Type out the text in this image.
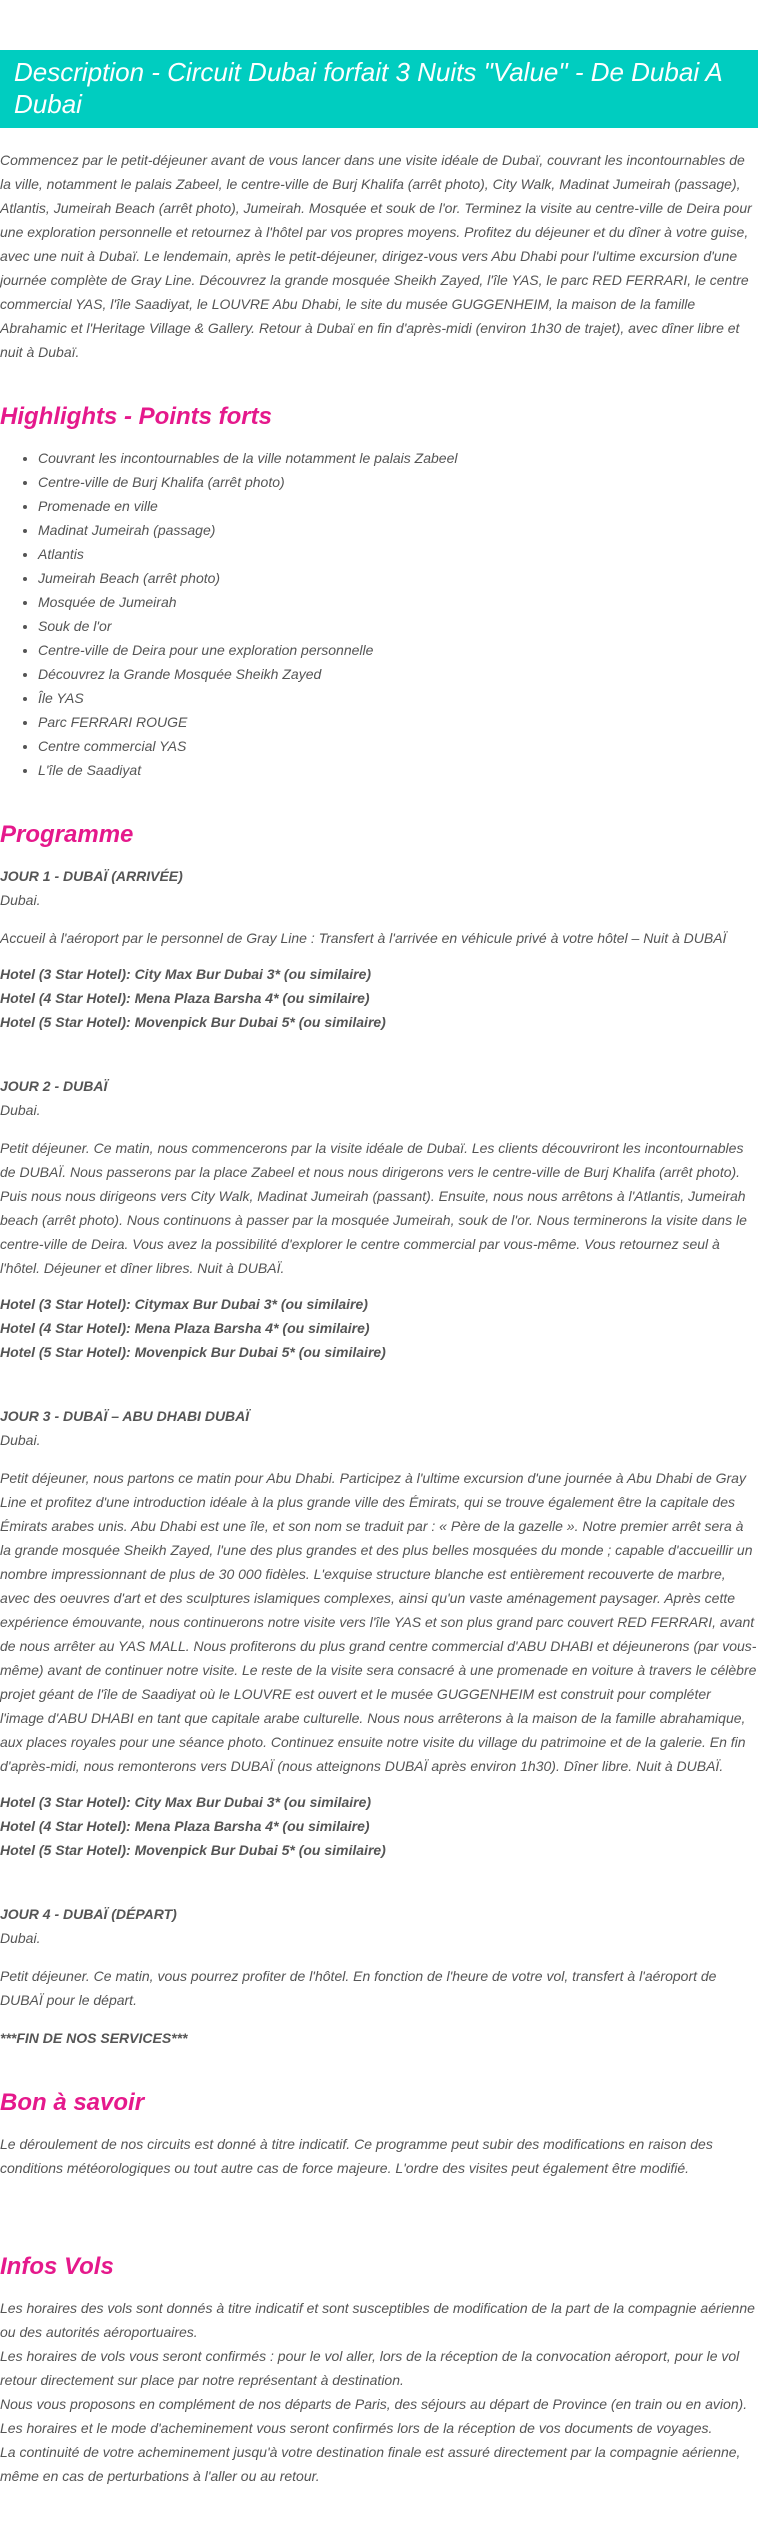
Description - Circuit Dubai forfait 3 Nuits "Value" - De Dubai A Dubai

Commencez par le petit-déjeuner avant de vous lancer dans une visite idéale de Dubaï, couvrant les incontournables de la ville, notamment le palais Zabeel, le centre-ville de Burj Khalifa (arrêt photo), City Walk, Madinat Jumeirah (passage), Atlantis, Jumeirah Beach (arrêt photo), Jumeirah. Mosquée et souk de l'or. Terminez la visite au centre-ville de Deira pour une exploration personnelle et retournez à l'hôtel par vos propres moyens. Profitez du déjeuner et du dîner à votre guise, avec une nuit à Dubaï. Le lendemain, après le petit-déjeuner, dirigez-vous vers Abu Dhabi pour l'ultime excursion d'une journée complète de Gray Line. Découvrez la grande mosquée Sheikh Zayed, l'île YAS, le parc RED FERRARI, le centre commercial YAS, l'île Saadiyat, le LOUVRE Abu Dhabi, le site du musée GUGGENHEIM, la maison de la famille Abrahamic et l'Heritage Village & Gallery. Retour à Dubaï en fin d'après-midi (environ 1h30 de trajet), avec dîner libre et nuit à Dubaï.

Highlights - Points forts
• Couvrant les incontournables de la ville notamment le palais Zabeel
• Centre-ville de Burj Khalifa (arrêt photo)
• Promenade en ville
• Madinat Jumeirah (passage)
• Atlantis
• Jumeirah Beach (arrêt photo)
• Mosquée de Jumeirah
• Souk de l'or
• Centre-ville de Deira pour une exploration personnelle
• Découvrez la Grande Mosquée Sheikh Zayed
• Île YAS
• Parc FERRARI ROUGE
• Centre commercial YAS
• L'île de Saadiyat
Programme

JOUR 1 - DUBAÏ (ARRIVÉE)

Dubai.

Accueil à l'aéroport par le personnel de Gray Line : Transfert à l'arrivée en véhicule privé à votre hôtel – Nuit à DUBAÏ

Hotel (3 Star Hotel): City Max Bur Dubai 3* (ou similaire)

Hotel (4 Star Hotel): Mena Plaza Barsha 4* (ou similaire)

Hotel (5 Star Hotel): Movenpick Bur Dubai 5* (ou similaire)

JOUR 2 - DUBAÏ

Dubai.

Petit déjeuner. Ce matin, nous commencerons par la visite idéale de Dubaï. Les clients découvriront les incontournables de DUBAÏ. Nous passerons par la place Zabeel et nous nous dirigerons vers le centre-ville de Burj Khalifa (arrêt photo). Puis nous nous dirigeons vers City Walk, Madinat Jumeirah (passant). Ensuite, nous nous arrêtons à l'Atlantis, Jumeirah beach (arrêt photo). Nous continuons à passer par la mosquée Jumeirah, souk de l'or. Nous terminerons la visite dans le centre-ville de Deira. Vous avez la possibilité d'explorer le centre commercial par vous-même. Vous retournez seul à l'hôtel. Déjeuner et dîner libres. Nuit à DUBAÏ.

Hotel (3 Star Hotel): Citymax Bur Dubai 3* (ou similaire)

Hotel (4 Star Hotel): Mena Plaza Barsha 4* (ou similaire)

Hotel (5 Star Hotel): Movenpick Bur Dubai 5* (ou similaire)

JOUR 3 - DUBAÏ – ABU DHABI DUBAÏ

Dubai.

Petit déjeuner, nous partons ce matin pour Abu Dhabi. Participez à l'ultime excursion d'une journée à Abu Dhabi de Gray Line et profitez d'une introduction idéale à la plus grande ville des Émirats, qui se trouve également être la capitale des Émirats arabes unis. Abu Dhabi est une île, et son nom se traduit par : « Père de la gazelle ». Notre premier arrêt sera à la grande mosquée Sheikh Zayed, l'une des plus grandes et des plus belles mosquées du monde ; capable d'accueillir un nombre impressionnant de plus de 30 000 fidèles. L'exquise structure blanche est entièrement recouverte de marbre, avec des oeuvres d'art et des sculptures islamiques complexes, ainsi qu'un vaste aménagement paysager. Après cette expérience émouvante, nous continuerons notre visite vers l'île YAS et son plus grand parc couvert RED FERRARI, avant de nous arrêter au YAS MALL. Nous profiterons du plus grand centre commercial d'ABU DHABI et déjeunerons (par vous-même) avant de continuer notre visite. Le reste de la visite sera consacré à une promenade en voiture à travers le célèbre projet géant de l'île de Saadiyat où le LOUVRE est ouvert et le musée GUGGENHEIM est construit pour compléter l'image d'ABU DHABI en tant que capitale arabe culturelle. Nous nous arrêterons à la maison de la famille abrahamique, aux places royales pour une séance photo. Continuez ensuite notre visite du village du patrimoine et de la galerie. En fin d'après-midi, nous remonterons vers DUBAÏ (nous atteignons DUBAÏ après environ 1h30). Dîner libre. Nuit à DUBAÏ.

Hotel (3 Star Hotel): City Max Bur Dubai 3* (ou similaire)

Hotel (4 Star Hotel): Mena Plaza Barsha 4* (ou similaire)

Hotel (5 Star Hotel): Movenpick Bur Dubai 5* (ou similaire)

JOUR 4 - DUBAÏ (DÉPART)

Dubai.

Petit déjeuner. Ce matin, vous pourrez profiter de l'hôtel. En fonction de l'heure de votre vol, transfert à l'aéroport de DUBAÏ pour le départ.

***FIN DE NOS SERVICES***

Bon à savoir

Le déroulement de nos circuits est donné à titre indicatif. Ce programme peut subir des modifications en raison des conditions météorologiques ou tout autre cas de force majeure. L'ordre des visites peut également être modifié.

Infos Vols

Les horaires des vols sont donnés à titre indicatif et sont susceptibles de modification de la part de la compagnie aérienne ou des autorités aéroportuaires.

Les horaires de vols vous seront confirmés : pour le vol aller, lors de la réception de la convocation aéroport, pour le vol retour directement sur place par notre représentant à destination.

Nous vous proposons en complément de nos départs de Paris, des séjours au départ de Province (en train ou en avion).

Les horaires et le mode d'acheminement vous seront confirmés lors de la réception de vos documents de voyages.

La continuité de votre acheminement jusqu'à votre destination finale est assuré directement par la compagnie aérienne, même en cas de perturbations à l'aller ou au retour.
